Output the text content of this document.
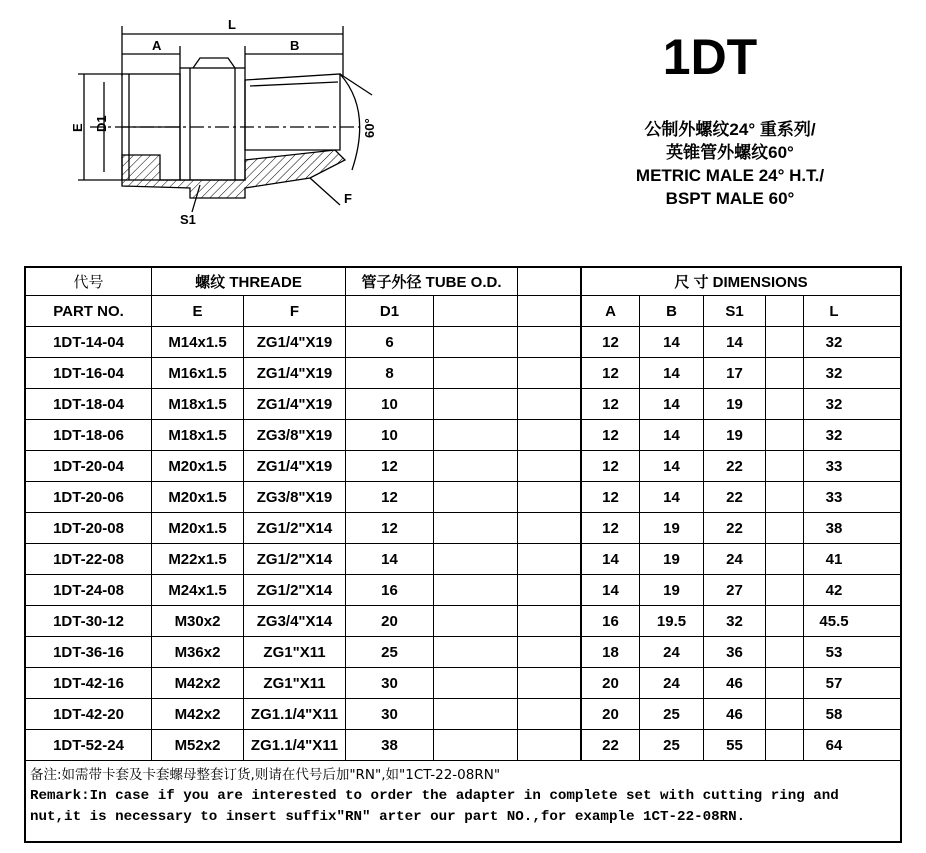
L
A	B
E D1	60°
F
S1
1DT
公制外螺纹24° 重系列/
英锥管外螺纹60°
METRIC MALE 24° H.T./
BSPT MALE 60°
代号	螺纹 THREADE	管子外径 TUBE O.D.	尺 寸 DIMENSIONS
PART NO.	E	F	D1	A	B	S1	L
1DT-14-04	M14x1.5	ZG1/4"X19	6	12	14	14	32
1DT-16-04	M16x1.5	ZG1/4"X19	8	12	14	17	32
1DT-18-04	M18x1.5	ZG1/4"X19	10	12	14	19	32
1DT-18-06	M18x1.5	ZG3/8"X19	10	12	14	19	32
1DT-20-04	M20x1.5	ZG1/4"X19	12	12	14	22	33
1DT-20-06	M20x1.5	ZG3/8"X19	12	12	14	22	33
1DT-20-08	M20x1.5	ZG1/2"X14	12	12	19	22	38
1DT-22-08	M22x1.5	ZG1/2"X14	14	14	19	24	41
1DT-24-08	M24x1.5	ZG1/2"X14	16	14	19	27	42
1DT-30-12	M30x2	ZG3/4"X14	20	16	19.5	32	45.5
1DT-36-16	M36x2	ZG1"X11	25	18	24	36	53
1DT-42-16	M42x2	ZG1"X11	30	20	24	46	57
1DT-42-20	M42x2	ZG1.1/4"X11	30	20	25	46	58
1DT-52-24	M52x2	ZG1.1/4"X11	38	22	25	55	64
备注:如需带卡套及卡套螺母整套订货,则请在代号后加"RN",如"1CT-22-08RN"
Remark:In case if you are interested to order the adapter in complete set with cutting ring and
nut,it is necessary to insert suffix"RN" arter our part NO.,for example 1CT-22-08RN.
